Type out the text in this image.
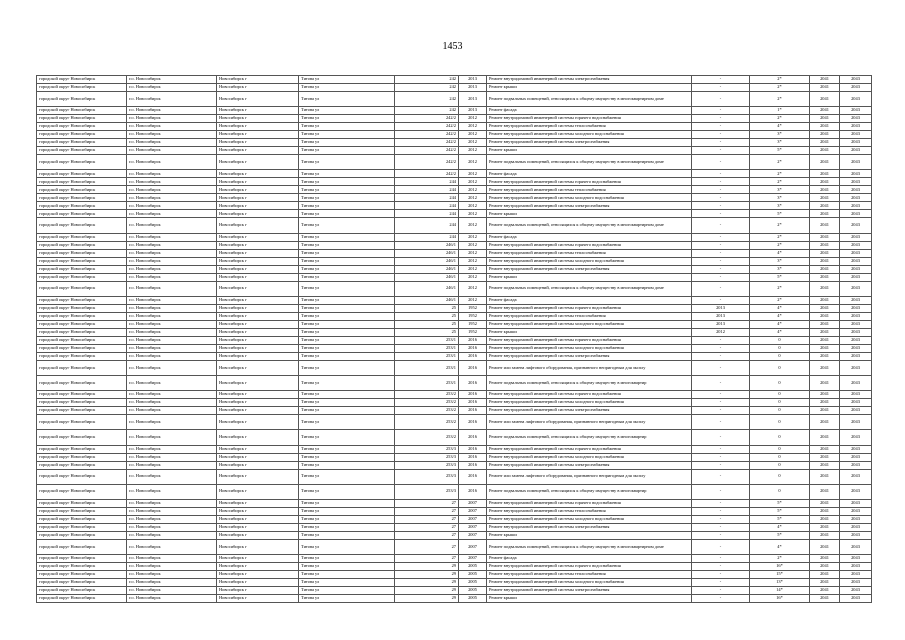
1453
городской округ Новосибирск	г.о. Новосибирск	Новосибирск г	Титова ул	242	2013	Ремонт внутридомовой инженерной системы электроснабжения	-	2*	2041	2043
городской округ Новосибирск	г.о. Новосибирск	Новосибирск г	Титова ул	242	2013	Ремонт крыши	-	2*	2041	2043
городской округ Новосибирск	г.о. Новосибирск	Новосибирск г	Титова ул	242	2013	Ремонт подвальных помещений, относящихся к общему имуществу в многоквартирном доме	-	2*	2041	2043
городской округ Новосибирск	г.о. Новосибирск	Новосибирск г	Титова ул	242	2013	Ремонт фасада	-	1*	2041	2043
городской округ Новосибирск	г.о. Новосибирск	Новосибирск г	Титова ул	242/2	2012	Ремонт внутридомовой инженерной системы горячего водоснабжения	-	2*	2041	2043
городской округ Новосибирск	г.о. Новосибирск	Новосибирск г	Титова ул	242/2	2012	Ремонт внутридомовой инженерной системы теплоснабжения	-	4*	2041	2043
городской округ Новосибирск	г.о. Новосибирск	Новосибирск г	Титова ул	242/2	2012	Ремонт внутридомовой инженерной системы холодного водоснабжения	-	3*	2041	2043
городской округ Новосибирск	г.о. Новосибирск	Новосибирск г	Титова ул	242/2	2012	Ремонт внутридомовой инженерной системы электроснабжения	-	3*	2041	2043
городской округ Новосибирск	г.о. Новосибирск	Новосибирск г	Титова ул	242/2	2012	Ремонт крыши	-	5*	2041	2043
городской округ Новосибирск	г.о. Новосибирск	Новосибирск г	Титова ул	242/2	2012	Ремонт подвальных помещений, относящихся к общему имуществу в многоквартирном доме	-	2*	2041	2043
городской округ Новосибирск	г.о. Новосибирск	Новосибирск г	Титова ул	242/2	2012	Ремонт фасада	-	2*	2041	2043
городской округ Новосибирск	г.о. Новосибирск	Новосибирск г	Титова ул	244	2012	Ремонт внутридомовой инженерной системы горячего водоснабжения	-	2*	2041	2043
городской округ Новосибирск	г.о. Новосибирск	Новосибирск г	Титова ул	244	2012	Ремонт внутридомовой инженерной системы теплоснабжения	-	3*	2041	2043
городской округ Новосибирск	г.о. Новосибирск	Новосибирск г	Титова ул	244	2012	Ремонт внутридомовой инженерной системы холодного водоснабжения	-	3*	2041	2043
городской округ Новосибирск	г.о. Новосибирск	Новосибирск г	Титова ул	244	2012	Ремонт внутридомовой инженерной системы электроснабжения	-	3*	2041	2043
городской округ Новосибирск	г.о. Новосибирск	Новосибирск г	Титова ул	244	2012	Ремонт крыши	-	5*	2041	2043
городской округ Новосибирск	г.о. Новосибирск	Новосибирск г	Титова ул	244	2012	Ремонт подвальных помещений, относящихся к общему имуществу в многоквартирном доме	-	2*	2041	2043
городской округ Новосибирск	г.о. Новосибирск	Новосибирск г	Титова ул	244	2012	Ремонт фасада	-	2*	2041	2043
городской округ Новосибирск	г.о. Новосибирск	Новосибирск г	Титова ул	246/1	2012	Ремонт внутридомовой инженерной системы горячего водоснабжения	-	2*	2041	2043
городской округ Новосибирск	г.о. Новосибирск	Новосибирск г	Титова ул	246/1	2012	Ремонт внутридомовой инженерной системы теплоснабжения	-	4*	2041	2043
городской округ Новосибирск	г.о. Новосибирск	Новосибирск г	Титова ул	246/1	2012	Ремонт внутридомовой инженерной системы холодного водоснабжения	-	3*	2041	2043
городской округ Новосибирск	г.о. Новосибирск	Новосибирск г	Титова ул	246/1	2012	Ремонт внутридомовой инженерной системы электроснабжения	-	3*	2041	2043
городской округ Новосибирск	г.о. Новосибирск	Новосибирск г	Титова ул	246/1	2012	Ремонт крыши	-	5*	2041	2043
городской округ Новосибирск	г.о. Новосибирск	Новосибирск г	Титова ул	246/1	2012	Ремонт подвальных помещений, относящихся к общему имуществу в многоквартирном доме	-	2*	2041	2043
городской округ Новосибирск	г.о. Новосибирск	Новосибирск г	Титова ул	246/1	2012	Ремонт фасада	-	2*	2041	2043
городской округ Новосибирск	г.о. Новосибирск	Новосибирск г	Титова ул	25	1952	Ремонт внутридомовой инженерной системы горячего водоснабжения	2013	4*	2041	2043
городской округ Новосибирск	г.о. Новосибирск	Новосибирск г	Титова ул	25	1952	Ремонт внутридомовой инженерной системы теплоснабжения	2013	4*	2041	2043
городской округ Новосибирск	г.о. Новосибирск	Новосибирск г	Титова ул	25	1952	Ремонт внутридомовой инженерной системы холодного водоснабжения	2013	4*	2041	2043
городской округ Новосибирск	г.о. Новосибирск	Новосибирск г	Титова ул	25	1952	Ремонт крыши	2012	4*	2041	2043
городской округ Новосибирск	г.о. Новосибирск	Новосибирск г	Титова ул	253/1	2016	Ремонт внутридомовой инженерной системы горячего водоснабжения	-	0	2041	2043
городской округ Новосибирск	г.о. Новосибирск	Новосибирск г	Титова ул	253/1	2016	Ремонт внутридомовой инженерной системы холодного водоснабжения	-	0	2041	2043
городской округ Новосибирск	г.о. Новосибирск	Новосибирск г	Титова ул	253/1	2016	Ремонт внутридомовой инженерной системы электроснабжения	-	0	2041	2043
городской округ Новосибирск	г.о. Новосибирск	Новосибирск г	Титова ул	253/1	2016	Ремонт или замена лифтового оборудования, признанного непригодным для эксплу	-	0	2041	2043
городской округ Новосибирск	г.о. Новосибирск	Новосибирск г	Титова ул	253/1	2016	Ремонт подвальных помещений, относящихся к общему имуществу в многоквартир	-	0	2041	2043
городской округ Новосибирск	г.о. Новосибирск	Новосибирск г	Титова ул	253/2	2016	Ремонт внутридомовой инженерной системы горячего водоснабжения	-	0	2041	2043
городской округ Новосибирск	г.о. Новосибирск	Новосибирск г	Титова ул	253/2	2016	Ремонт внутридомовой инженерной системы холодного водоснабжения	-	0	2041	2043
городской округ Новосибирск	г.о. Новосибирск	Новосибирск г	Титова ул	253/2	2016	Ремонт внутридомовой инженерной системы электроснабжения	-	0	2041	2043
городской округ Новосибирск	г.о. Новосибирск	Новосибирск г	Титова ул	253/2	2016	Ремонт или замена лифтового оборудования, признанного непригодным для эксплу	-	0	2041	2043
городской округ Новосибирск	г.о. Новосибирск	Новосибирск г	Титова ул	253/2	2016	Ремонт подвальных помещений, относящихся к общему имуществу в многоквартир	-	0	2041	2043
городской округ Новосибирск	г.о. Новосибирск	Новосибирск г	Титова ул	253/3	2016	Ремонт внутридомовой инженерной системы горячего водоснабжения	-	0	2041	2043
городской округ Новосибирск	г.о. Новосибирск	Новосибирск г	Титова ул	253/3	2016	Ремонт внутридомовой инженерной системы холодного водоснабжения	-	0	2041	2043
городской округ Новосибирск	г.о. Новосибирск	Новосибирск г	Титова ул	253/3	2016	Ремонт внутридомовой инженерной системы электроснабжения	-	0	2041	2043
городской округ Новосибирск	г.о. Новосибирск	Новосибирск г	Титова ул	253/3	2016	Ремонт или замена лифтового оборудования, признанного непригодным для эксплу	-	0	2041	2043
городской округ Новосибирск	г.о. Новосибирск	Новосибирск г	Титова ул	253/3	2016	Ремонт подвальных помещений, относящихся к общему имуществу в многоквартир	-	0	2041	2043
городской округ Новосибирск	г.о. Новосибирск	Новосибирск г	Титова ул	27	2007	Ремонт внутридомовой инженерной системы горячего водоснабжения	-	5*	2041	2043
городской округ Новосибирск	г.о. Новосибирск	Новосибирск г	Титова ул	27	2007	Ремонт внутридомовой инженерной системы теплоснабжения	-	5*	2041	2043
городской округ Новосибирск	г.о. Новосибирск	Новосибирск г	Титова ул	27	2007	Ремонт внутридомовой инженерной системы холодного водоснабжения	-	5*	2041	2043
городской округ Новосибирск	г.о. Новосибирск	Новосибирск г	Титова ул	27	2007	Ремонт внутридомовой инженерной системы электроснабжения	-	4*	2041	2043
городской округ Новосибирск	г.о. Новосибирск	Новосибирск г	Титова ул	27	2007	Ремонт крыши	-	5*	2041	2043
городской округ Новосибирск	г.о. Новосибирск	Новосибирск г	Титова ул	27	2007	Ремонт подвальных помещений, относящихся к общему имуществу в многоквартирном доме	-	4*	2041	2043
городской округ Новосибирск	г.о. Новосибирск	Новосибирск г	Титова ул	27	2007	Ремонт фасада	-	2*	2041	2043
городской округ Новосибирск	г.о. Новосибирск	Новосибирск г	Титова ул	29	2005	Ремонт внутридомовой инженерной системы горячего водоснабжения	-	16*	2041	2043
городской округ Новосибирск	г.о. Новосибирск	Новосибирск г	Титова ул	29	2005	Ремонт внутридомовой инженерной системы теплоснабжения	-	15*	2041	2043
городской округ Новосибирск	г.о. Новосибирск	Новосибирск г	Титова ул	29	2005	Ремонт внутридомовой инженерной системы холодного водоснабжения	-	13*	2041	2043
городской округ Новосибирск	г.о. Новосибирск	Новосибирск г	Титова ул	29	2005	Ремонт внутридомовой инженерной системы электроснабжения	-	14*	2041	2043
городской округ Новосибирск	г.о. Новосибирск	Новосибирск г	Титова ул	29	2005	Ремонт крыши	-	16*	2041	2043
